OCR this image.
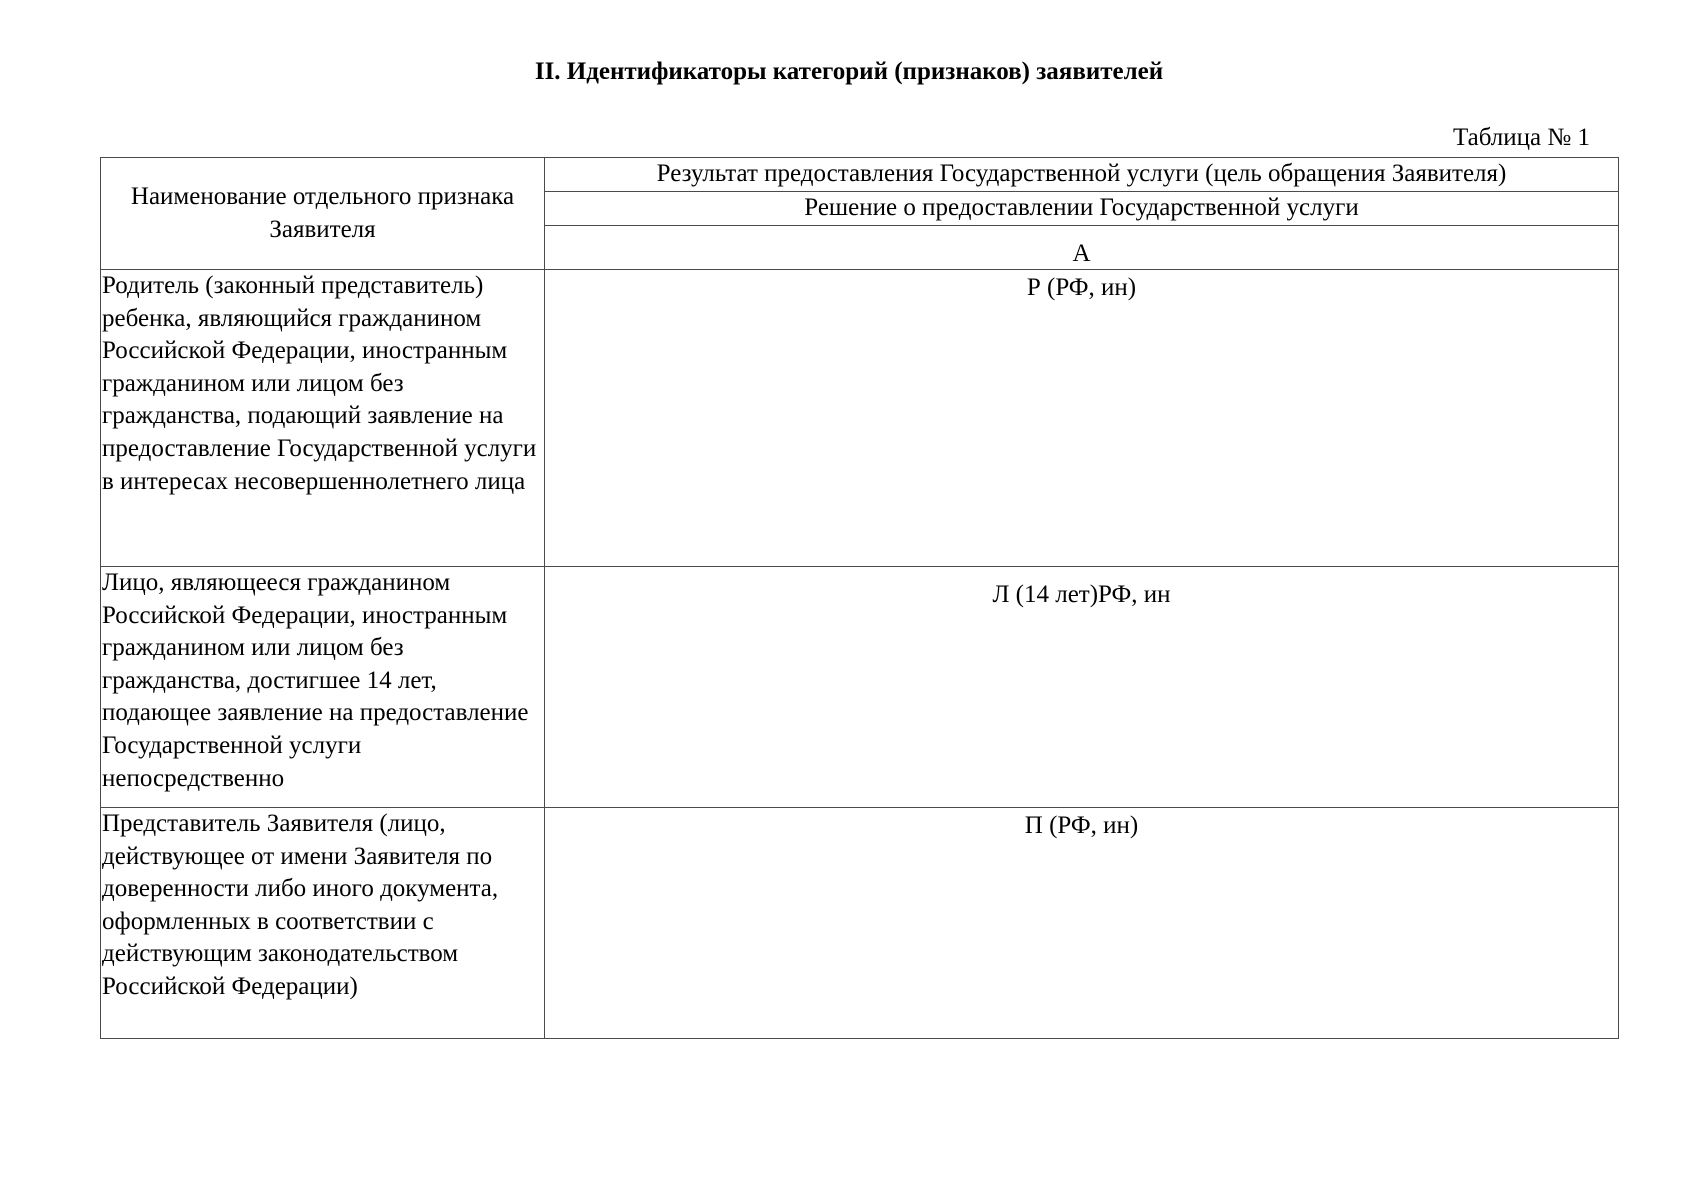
II. Идентификаторы категорий (признаков) заявителей
Таблица № 1
Наименование отдельного признака Заявителя	Результат предоставления Государственной услуги (цель обращения Заявителя)
	Решение о предоставлении Государственной услуги
	А
Родитель (законный представитель) ребенка, являющийся гражданином Российской Федерации, иностранным гражданином или лицом без гражданства, подающий заявление на предоставление Государственной услуги в интересах несовершеннолетнего лица	Р (РФ, ин)
Лицо, являющееся гражданином Российской Федерации, иностранным гражданином или лицом без гражданства, достигшее 14 лет, подающее заявление на предоставление Государственной услуги непосредственно	Л (14 лет)РФ, ин
Представитель Заявителя (лицо, действующее от имени Заявителя по доверенности либо иного документа, оформленных в соответствии с действующим законодательством Российской Федерации)	П (РФ, ин)
